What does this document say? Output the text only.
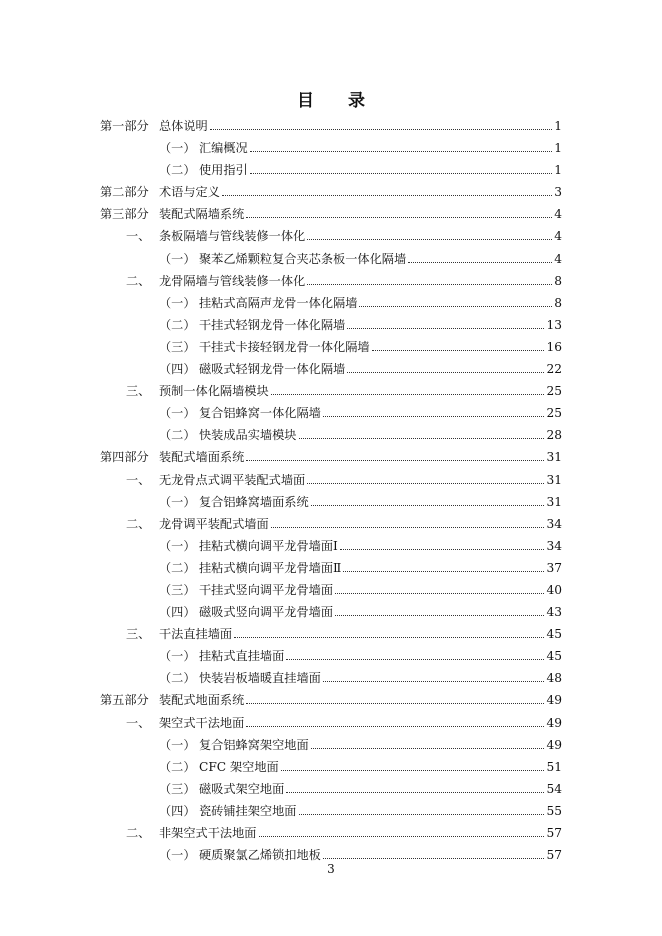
目 录
第一部分 总体说明	1
（一） 汇编概况	1
（二） 使用指引	1
第二部分 术语与定义	3
第三部分 装配式隔墙系统	4
一、 条板隔墙与管线装修一体化	4
（一） 聚苯乙烯颗粒复合夹芯条板一体化隔墙	4
二、 龙骨隔墙与管线装修一体化	8
（一） 挂粘式高隔声龙骨一体化隔墙	8
（二） 干挂式轻钢龙骨一体化隔墙	13
（三） 干挂式卡接轻钢龙骨一体化隔墙	16
（四） 磁吸式轻钢龙骨一体化隔墙	22
三、 预制一体化隔墙模块	25
（一） 复合铝蜂窝一体化隔墙	25
（二） 快装成品实墙模块	28
第四部分 装配式墙面系统	31
一、 无龙骨点式调平装配式墙面	31
（一） 复合铝蜂窝墙面系统	31
二、 龙骨调平装配式墙面	34
（一） 挂粘式横向调平龙骨墙面Ⅰ	34
（二） 挂粘式横向调平龙骨墙面Ⅱ	37
（三） 干挂式竖向调平龙骨墙面	40
（四） 磁吸式竖向调平龙骨墙面	43
三、 干法直挂墙面	45
（一） 挂粘式直挂墙面	45
（二） 快装岩板墙暖直挂墙面	48
第五部分 装配式地面系统	49
一、 架空式干法地面	49
（一） 复合铝蜂窝架空地面	49
（二） CFC 架空地面	51
（三） 磁吸式架空地面	54
（四） 瓷砖铺挂架空地面	55
二、 非架空式干法地面	57
（一） 硬质聚氯乙烯锁扣地板	57
3
